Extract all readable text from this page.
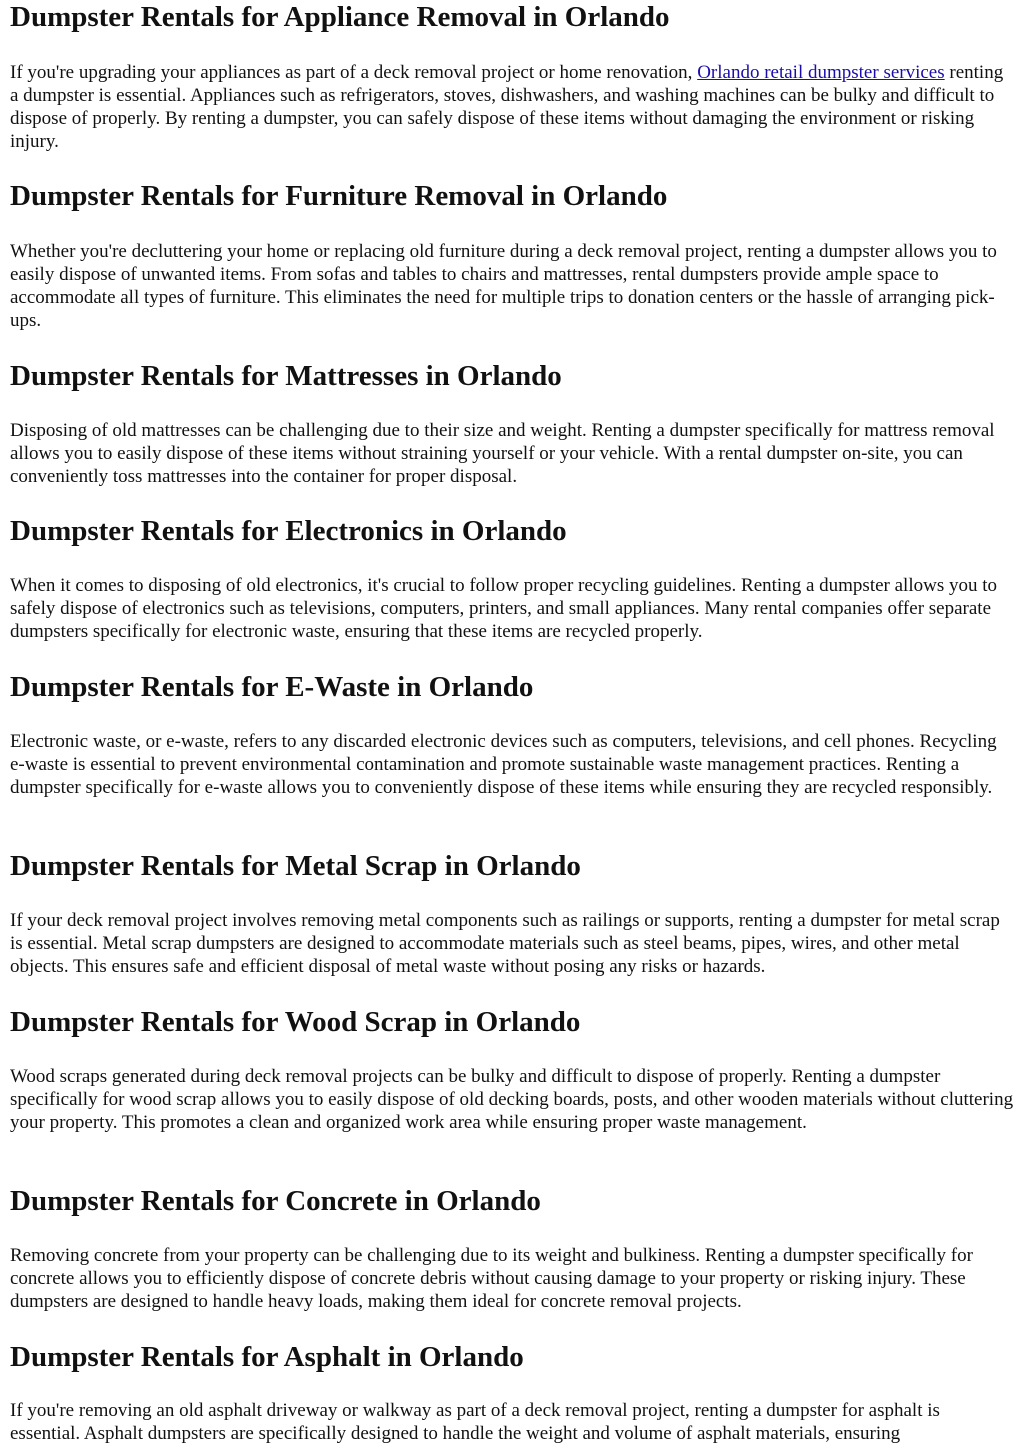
Dumpster Rentals for Appliance Removal in Orlando

If you're upgrading your appliances as part of a deck removal project or home renovation, Orlando retail dumpster services renting a dumpster is essential. Appliances such as refrigerators, stoves, dishwashers, and washing machines can be bulky and difficult to dispose of properly. By renting a dumpster, you can safely dispose of these items without damaging the environment or risking injury.

Dumpster Rentals for Furniture Removal in Orlando

Whether you're decluttering your home or replacing old furniture during a deck removal project, renting a dumpster allows you to easily dispose of unwanted items. From sofas and tables to chairs and mattresses, rental dumpsters provide ample space to accommodate all types of furniture. This eliminates the need for multiple trips to donation centers or the hassle of arranging pick-ups.

Dumpster Rentals for Mattresses in Orlando

Disposing of old mattresses can be challenging due to their size and weight. Renting a dumpster specifically for mattress removal allows you to easily dispose of these items without straining yourself or your vehicle. With a rental dumpster on-site, you can conveniently toss mattresses into the container for proper disposal.

Dumpster Rentals for Electronics in Orlando

When it comes to disposing of old electronics, it's crucial to follow proper recycling guidelines. Renting a dumpster allows you to safely dispose of electronics such as televisions, computers, printers, and small appliances. Many rental companies offer separate dumpsters specifically for electronic waste, ensuring that these items are recycled properly.

Dumpster Rentals for E-Waste in Orlando

Electronic waste, or e-waste, refers to any discarded electronic devices such as computers, televisions, and cell phones. Recycling e-waste is essential to prevent environmental contamination and promote sustainable waste management practices. Renting a dumpster specifically for e-waste allows you to conveniently dispose of these items while ensuring they are recycled responsibly.

Dumpster Rentals for Metal Scrap in Orlando

If your deck removal project involves removing metal components such as railings or supports, renting a dumpster for metal scrap is essential. Metal scrap dumpsters are designed to accommodate materials such as steel beams, pipes, wires, and other metal objects. This ensures safe and efficient disposal of metal waste without posing any risks or hazards.

Dumpster Rentals for Wood Scrap in Orlando

Wood scraps generated during deck removal projects can be bulky and difficult to dispose of properly. Renting a dumpster specifically for wood scrap allows you to easily dispose of old decking boards, posts, and other wooden materials without cluttering your property. This promotes a clean and organized work area while ensuring proper waste management.

Dumpster Rentals for Concrete in Orlando

Removing concrete from your property can be challenging due to its weight and bulkiness. Renting a dumpster specifically for concrete allows you to efficiently dispose of concrete debris without causing damage to your property or risking injury. These dumpsters are designed to handle heavy loads, making them ideal for concrete removal projects.

Dumpster Rentals for Asphalt in Orlando

If you're removing an old asphalt driveway or walkway as part of a deck removal project, renting a dumpster for asphalt is essential. Asphalt dumpsters are specifically designed to handle the weight and volume of asphalt materials, ensuring
